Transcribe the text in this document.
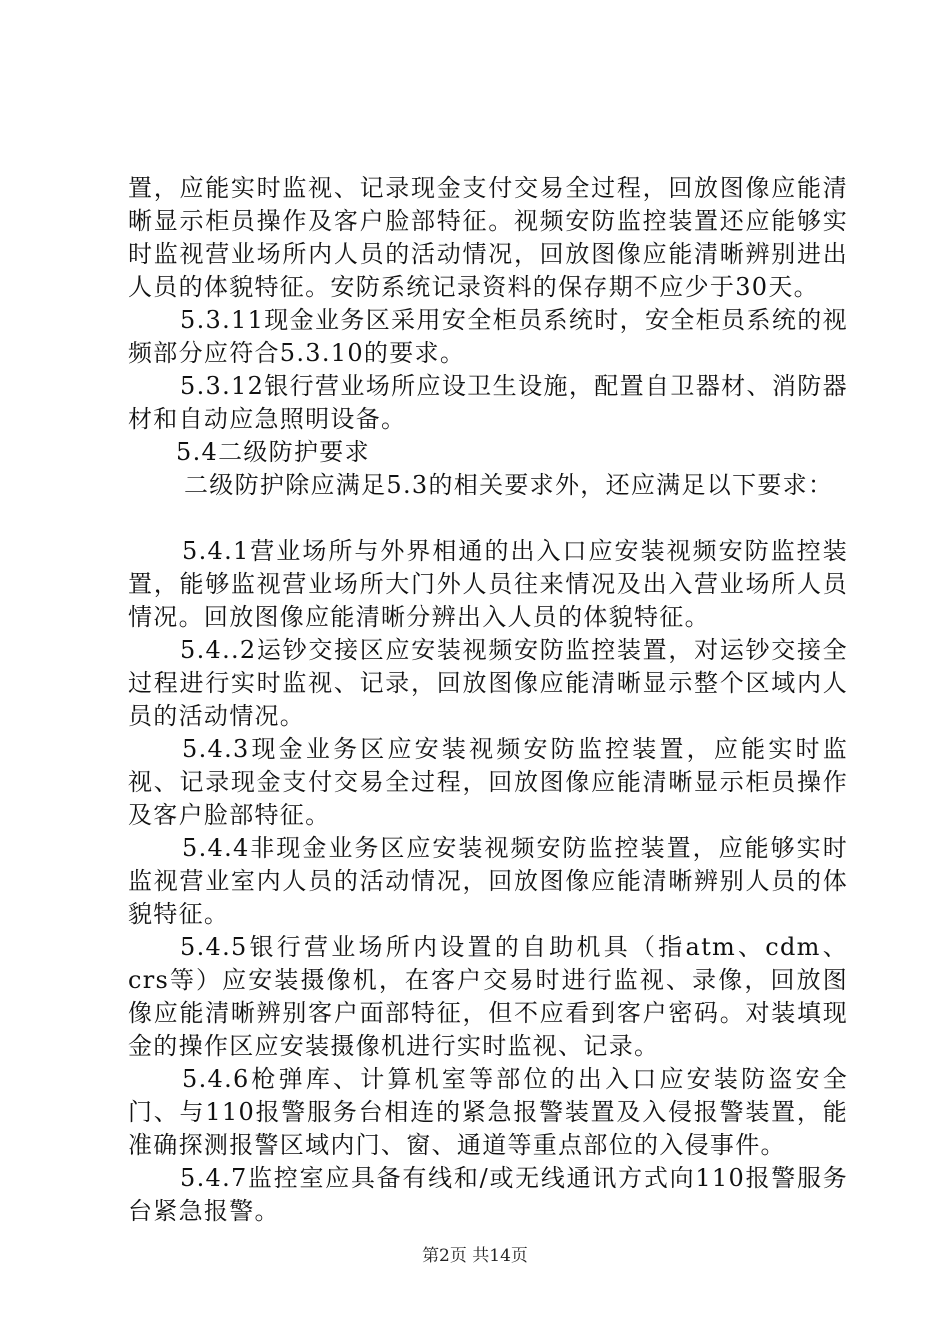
置，应能实时监视、记录现金支付交易全过程，回放图像应能清晰显示柜员操作及客户脸部特征。视频安防监控装置还应能够实时监视营业场所内人员的活动情况，回放图像应能清晰辨别进出人员的体貌特征。安防系统记录资料的保存期不应少于30天。

5.3.11现金业务区采用安全柜员系统时，安全柜员系统的视频部分应符合5.3.10的要求。

5.3.12银行营业场所应设卫生设施，配置自卫器材、消防器材和自动应急照明设备。

5.4二级防护要求

二级防护除应满足5.3的相关要求外，还应满足以下要求：

5.4.1营业场所与外界相通的出入口应安装视频安防监控装置，能够监视营业场所大门外人员往来情况及出入营业场所人员情况。回放图像应能清晰分辨出入人员的体貌特征。

5.4..2运钞交接区应安装视频安防监控装置，对运钞交接全过程进行实时监视、记录，回放图像应能清晰显示整个区域内人员的活动情况。

5.4.3现金业务区应安装视频安防监控装置，应能实时监视、记录现金支付交易全过程，回放图像应能清晰显示柜员操作及客户脸部特征。

5.4.4非现金业务区应安装视频安防监控装置，应能够实时监视营业室内人员的活动情况，回放图像应能清晰辨别人员的体貌特征。

5.4.5银行营业场所内设置的自助机具（指atm、cdm、crs等）应安装摄像机，在客户交易时进行监视、录像，回放图像应能清晰辨别客户面部特征，但不应看到客户密码。对装填现金的操作区应安装摄像机进行实时监视、记录。

5.4.6枪弹库、计算机室等部位的出入口应安装防盗安全门、与110报警服务台相连的紧急报警装置及入侵报警装置，能准确探测报警区域内门、窗、通道等重点部位的入侵事件。

5.4.7监控室应具备有线和/或无线通讯方式向110报警服务台紧急报警。

第2页 共14页
